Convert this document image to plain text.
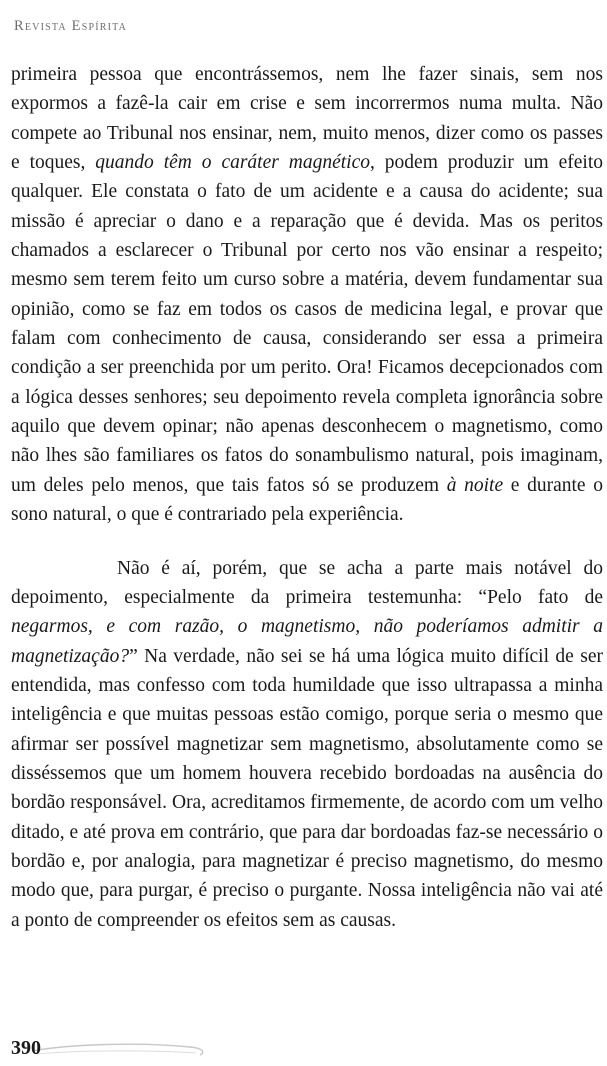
Revista Espírita

primeira pessoa que encontrássemos, nem lhe fazer sinais, sem nos expormos a fazê-la cair em crise e sem incorrermos numa multa. Não compete ao Tribunal nos ensinar, nem, muito menos, dizer como os passes e toques, quando têm o caráter magnético, podem produzir um efeito qualquer. Ele constata o fato de um acidente e a causa do acidente; sua missão é apreciar o dano e a reparação que é devida. Mas os peritos chamados a esclarecer o Tribunal por certo nos vão ensinar a respeito; mesmo sem terem feito um curso sobre a matéria, devem fundamentar sua opinião, como se faz em todos os casos de medicina legal, e provar que falam com conhecimento de causa, considerando ser essa a primeira condição a ser preenchida por um perito. Ora! Ficamos decepcionados com a lógica desses senhores; seu depoimento revela completa ignorância sobre aquilo que devem opinar; não apenas desconhecem o magnetismo, como não lhes são familiares os fatos do sonambulismo natural, pois imaginam, um deles pelo menos, que tais fatos só se produzem à noite e durante o sono natural, o que é contrariado pela experiência.

Não é aí, porém, que se acha a parte mais notável do depoimento, especialmente da primeira testemunha: “Pelo fato de negarmos, e com razão, o magnetismo, não poderíamos admitir a magnetização?” Na verdade, não sei se há uma lógica muito difícil de ser entendida, mas confesso com toda humildade que isso ultrapassa a minha inteligência e que muitas pessoas estão comigo, porque seria o mesmo que afirmar ser possível magnetizar sem magnetismo, absolutamente como se disséssemos que um homem houvera recebido bordoadas na ausência do bordão responsável. Ora, acreditamos firmemente, de acordo com um velho ditado, e até prova em contrário, que para dar bordoadas faz-se necessário o bordão e, por analogia, para magnetizar é preciso magnetismo, do mesmo modo que, para purgar, é preciso o purgante. Nossa inteligência não vai até a ponto de compreender os efeitos sem as causas.

390
